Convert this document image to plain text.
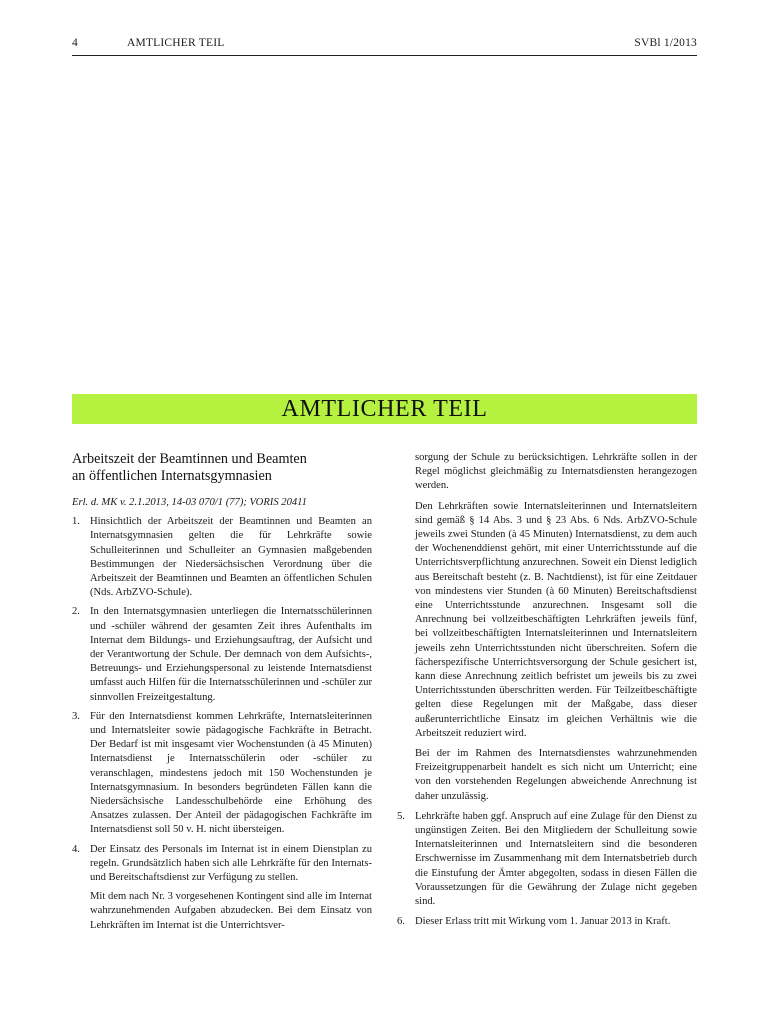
4	AMTLICHER TEIL	SVBl 1/2013
AMTLICHER TEIL
Arbeitszeit der Beamtinnen und Beamten
an öffentlichen Internatsgymnasien

Erl. d. MK v. 2.1.2013, 14-03 070/1 (77); VORIS 20411

1. Hinsichtlich der Arbeitszeit der Beamtinnen und Beamten an Internatsgymnasien gelten die für Lehrkräfte sowie Schulleiterinnen und Schulleiter an Gymnasien maßgebenden Bestimmungen der Niedersächsischen Verordnung über die Arbeitszeit der Beamtinnen und Beamten an öffentlichen Schulen (Nds. ArbZVO-Schule).

2. In den Internatsgymnasien unterliegen die Internatsschülerinnen und -schüler während der gesamten Zeit ihres Aufenthalts im Internat dem Bildungs- und Erziehungsauftrag, der Aufsicht und der Verantwortung der Schule. Der demnach von dem Aufsichts-, Betreuungs- und Erziehungspersonal zu leistende Internatsdienst umfasst auch Hilfen für die Internatsschülerinnen und -schüler zur sinnvollen Freizeitgestaltung.

3. Für den Internatsdienst kommen Lehrkräfte, Internatsleiterinnen und Internatsleiter sowie pädagogische Fachkräfte in Betracht. Der Bedarf ist mit insgesamt vier Wochenstunden (à 45 Minuten) Internatsdienst je Internatsschülerin oder -schüler zu veranschlagen, mindestens jedoch mit 150 Wochenstunden je Internatsgymnasium. In besonders begründeten Fällen kann die Niedersächsische Landesschulbehörde eine Erhöhung des Ansatzes zulassen. Der Anteil der pädagogischen Fachkräfte im Internatsdienst soll 50 v. H. nicht übersteigen.

4. Der Einsatz des Personals im Internat ist in einem Dienstplan zu regeln. Grundsätzlich haben sich alle Lehrkräfte für den Internats- und Bereitschaftsdienst zur Verfügung zu stellen.

Mit dem nach Nr. 3 vorgesehenen Kontingent sind alle im Internat wahrzunehmenden Aufgaben abzudecken. Bei dem Einsatz von Lehrkräften im Internat ist die Unterrichtsver-

sorgung der Schule zu berücksichtigen. Lehrkräfte sollen in der Regel möglichst gleichmäßig zu Internatsdiensten herangezogen werden.

Den Lehrkräften sowie Internatsleiterinnen und Internatsleitern sind gemäß § 14 Abs. 3 und § 23 Abs. 6 Nds. ArbZVO-Schule jeweils zwei Stunden (à 45 Minuten) Internatsdienst, zu dem auch der Wochenenddienst gehört, mit einer Unterrichtsstunde auf die Unterrichtsverpflichtung anzurechnen. Soweit ein Dienst lediglich aus Bereitschaft besteht (z. B. Nachtdienst), ist für eine Zeitdauer von mindestens vier Stunden (à 60 Minuten) Bereitschaftsdienst eine Unterrichtsstunde anzurechnen. Insgesamt soll die Anrechnung bei vollzeitbeschäftigten Lehrkräften jeweils fünf, bei vollzeitbeschäftigten Internatsleiterinnen und Internatsleitern jeweils zehn Unterrichtsstunden nicht überschreiten. Sofern die fächerspezifische Unterrichtsversorgung der Schule gesichert ist, kann diese Anrechnung zeitlich befristet um jeweils bis zu zwei Unterrichtsstunden überschritten werden. Für Teilzeitbeschäftigte gelten diese Regelungen mit der Maßgabe, dass dieser außerunterrichtliche Einsatz im gleichen Verhältnis wie die Arbeitszeit reduziert wird.

Bei der im Rahmen des Internatsdienstes wahrzunehmenden Freizeitgruppenarbeit handelt es sich nicht um Unterricht; eine von den vorstehenden Regelungen abweichende Anrechnung ist daher unzulässig.

5. Lehrkräfte haben ggf. Anspruch auf eine Zulage für den Dienst zu ungünstigen Zeiten. Bei den Mitgliedern der Schulleitung sowie Internatsleiterinnen und Internatsleitern sind die besonderen Erschwernisse im Zusammenhang mit dem Internatsbetrieb durch die Einstufung der Ämter abgegolten, sodass in diesen Fällen die Voraussetzungen für die Gewährung der Zulage nicht gegeben sind.

6. Dieser Erlass tritt mit Wirkung vom 1. Januar 2013 in Kraft.
